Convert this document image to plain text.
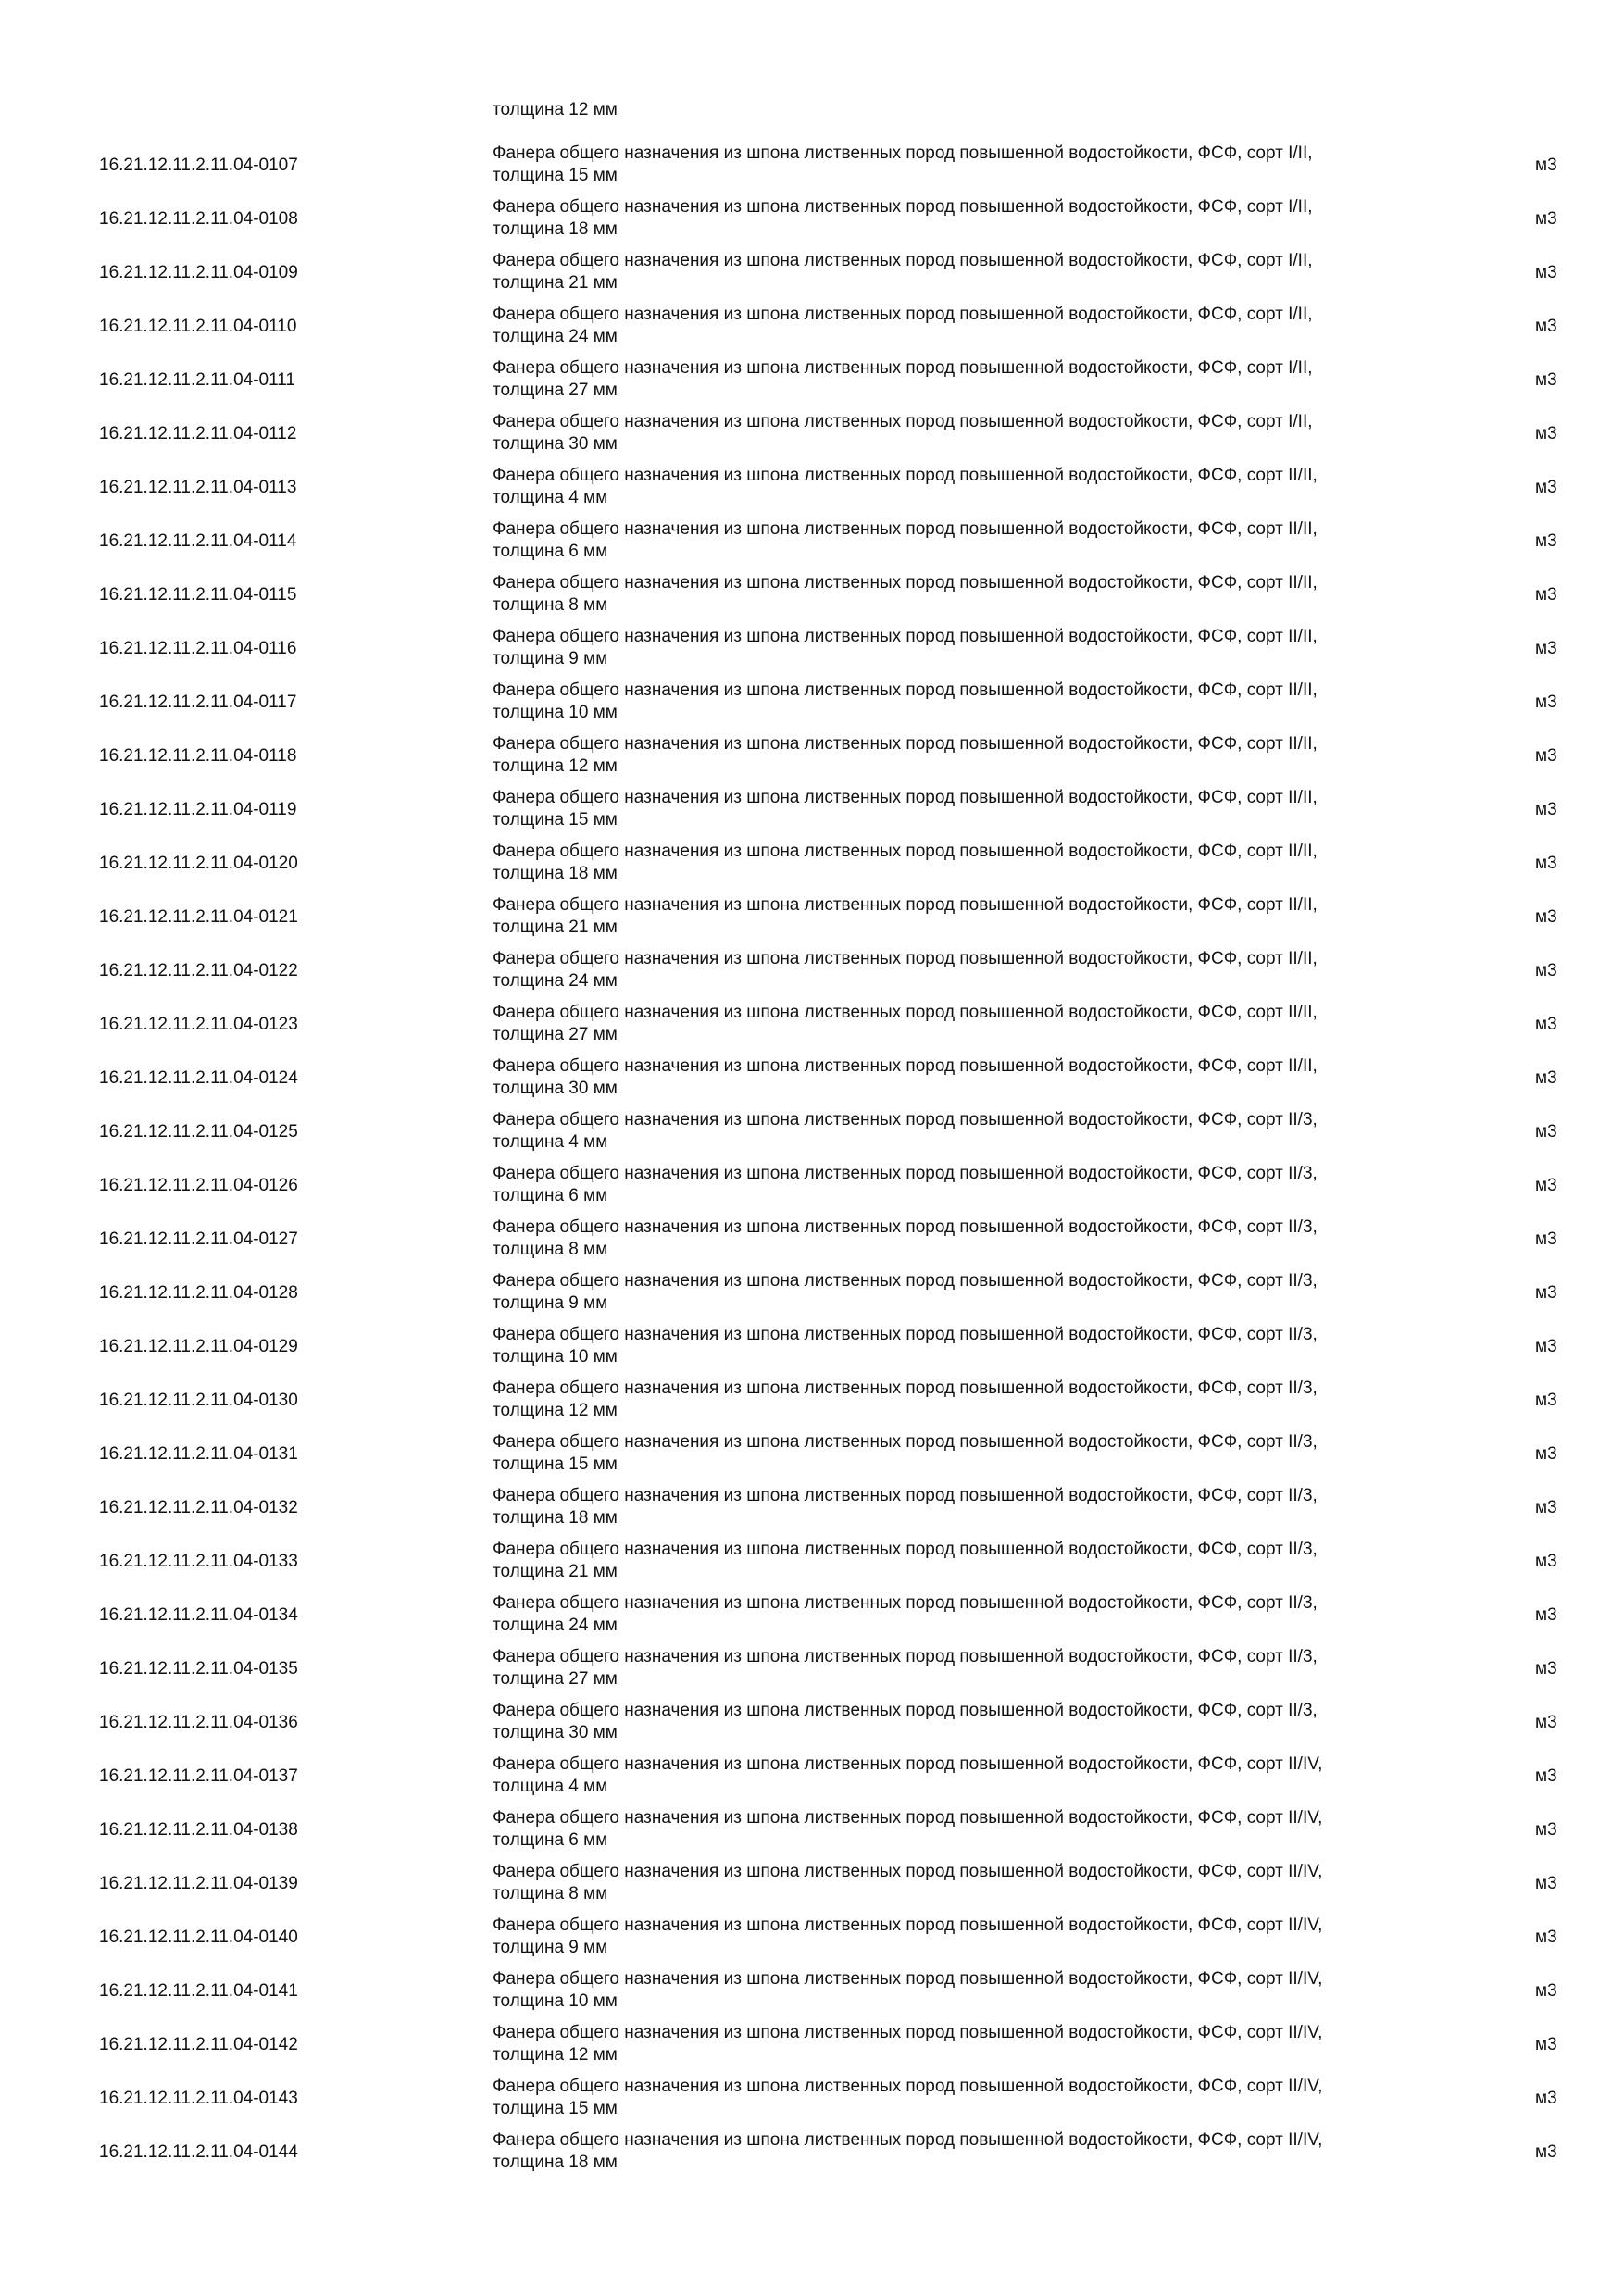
толщина 12 мм
16.21.12.11.2.11.04-0107
Фанера общего назначения из шпона лиственных пород повышенной водостойкости, ФСФ, сорт I/II,
толщина 15 мм
м3
16.21.12.11.2.11.04-0108
Фанера общего назначения из шпона лиственных пород повышенной водостойкости, ФСФ, сорт I/II,
толщина 18 мм
м3
16.21.12.11.2.11.04-0109
Фанера общего назначения из шпона лиственных пород повышенной водостойкости, ФСФ, сорт I/II,
толщина 21 мм
м3
16.21.12.11.2.11.04-0110
Фанера общего назначения из шпона лиственных пород повышенной водостойкости, ФСФ, сорт I/II,
толщина 24 мм
м3
16.21.12.11.2.11.04-0111
Фанера общего назначения из шпона лиственных пород повышенной водостойкости, ФСФ, сорт I/II,
толщина 27 мм
м3
16.21.12.11.2.11.04-0112
Фанера общего назначения из шпона лиственных пород повышенной водостойкости, ФСФ, сорт I/II,
толщина 30 мм
м3
16.21.12.11.2.11.04-0113
Фанера общего назначения из шпона лиственных пород повышенной водостойкости, ФСФ, сорт II/II,
толщина 4 мм
м3
16.21.12.11.2.11.04-0114
Фанера общего назначения из шпона лиственных пород повышенной водостойкости, ФСФ, сорт II/II,
толщина 6 мм
м3
16.21.12.11.2.11.04-0115
Фанера общего назначения из шпона лиственных пород повышенной водостойкости, ФСФ, сорт II/II,
толщина 8 мм
м3
16.21.12.11.2.11.04-0116
Фанера общего назначения из шпона лиственных пород повышенной водостойкости, ФСФ, сорт II/II,
толщина 9 мм
м3
16.21.12.11.2.11.04-0117
Фанера общего назначения из шпона лиственных пород повышенной водостойкости, ФСФ, сорт II/II,
толщина 10 мм
м3
16.21.12.11.2.11.04-0118
Фанера общего назначения из шпона лиственных пород повышенной водостойкости, ФСФ, сорт II/II,
толщина 12 мм
м3
16.21.12.11.2.11.04-0119
Фанера общего назначения из шпона лиственных пород повышенной водостойкости, ФСФ, сорт II/II,
толщина 15 мм
м3
16.21.12.11.2.11.04-0120
Фанера общего назначения из шпона лиственных пород повышенной водостойкости, ФСФ, сорт II/II,
толщина 18 мм
м3
16.21.12.11.2.11.04-0121
Фанера общего назначения из шпона лиственных пород повышенной водостойкости, ФСФ, сорт II/II,
толщина 21 мм
м3
16.21.12.11.2.11.04-0122
Фанера общего назначения из шпона лиственных пород повышенной водостойкости, ФСФ, сорт II/II,
толщина 24 мм
м3
16.21.12.11.2.11.04-0123
Фанера общего назначения из шпона лиственных пород повышенной водостойкости, ФСФ, сорт II/II,
толщина 27 мм
м3
16.21.12.11.2.11.04-0124
Фанера общего назначения из шпона лиственных пород повышенной водостойкости, ФСФ, сорт II/II,
толщина 30 мм
м3
16.21.12.11.2.11.04-0125
Фанера общего назначения из шпона лиственных пород повышенной водостойкости, ФСФ, сорт II/3,
толщина 4 мм
м3
16.21.12.11.2.11.04-0126
Фанера общего назначения из шпона лиственных пород повышенной водостойкости, ФСФ, сорт II/3,
толщина 6 мм
м3
16.21.12.11.2.11.04-0127
Фанера общего назначения из шпона лиственных пород повышенной водостойкости, ФСФ, сорт II/3,
толщина 8 мм
м3
16.21.12.11.2.11.04-0128
Фанера общего назначения из шпона лиственных пород повышенной водостойкости, ФСФ, сорт II/3,
толщина 9 мм
м3
16.21.12.11.2.11.04-0129
Фанера общего назначения из шпона лиственных пород повышенной водостойкости, ФСФ, сорт II/3,
толщина 10 мм
м3
16.21.12.11.2.11.04-0130
Фанера общего назначения из шпона лиственных пород повышенной водостойкости, ФСФ, сорт II/3,
толщина 12 мм
м3
16.21.12.11.2.11.04-0131
Фанера общего назначения из шпона лиственных пород повышенной водостойкости, ФСФ, сорт II/3,
толщина 15 мм
м3
16.21.12.11.2.11.04-0132
Фанера общего назначения из шпона лиственных пород повышенной водостойкости, ФСФ, сорт II/3,
толщина 18 мм
м3
16.21.12.11.2.11.04-0133
Фанера общего назначения из шпона лиственных пород повышенной водостойкости, ФСФ, сорт II/3,
толщина 21 мм
м3
16.21.12.11.2.11.04-0134
Фанера общего назначения из шпона лиственных пород повышенной водостойкости, ФСФ, сорт II/3,
толщина 24 мм
м3
16.21.12.11.2.11.04-0135
Фанера общего назначения из шпона лиственных пород повышенной водостойкости, ФСФ, сорт II/3,
толщина 27 мм
м3
16.21.12.11.2.11.04-0136
Фанера общего назначения из шпона лиственных пород повышенной водостойкости, ФСФ, сорт II/3,
толщина 30 мм
м3
16.21.12.11.2.11.04-0137
Фанера общего назначения из шпона лиственных пород повышенной водостойкости, ФСФ, сорт II/IV,
толщина 4 мм
м3
16.21.12.11.2.11.04-0138
Фанера общего назначения из шпона лиственных пород повышенной водостойкости, ФСФ, сорт II/IV,
толщина 6 мм
м3
16.21.12.11.2.11.04-0139
Фанера общего назначения из шпона лиственных пород повышенной водостойкости, ФСФ, сорт II/IV,
толщина 8 мм
м3
16.21.12.11.2.11.04-0140
Фанера общего назначения из шпона лиственных пород повышенной водостойкости, ФСФ, сорт II/IV,
толщина 9 мм
м3
16.21.12.11.2.11.04-0141
Фанера общего назначения из шпона лиственных пород повышенной водостойкости, ФСФ, сорт II/IV,
толщина 10 мм
м3
16.21.12.11.2.11.04-0142
Фанера общего назначения из шпона лиственных пород повышенной водостойкости, ФСФ, сорт II/IV,
толщина 12 мм
м3
16.21.12.11.2.11.04-0143
Фанера общего назначения из шпона лиственных пород повышенной водостойкости, ФСФ, сорт II/IV,
толщина 15 мм
м3
16.21.12.11.2.11.04-0144
Фанера общего назначения из шпона лиственных пород повышенной водостойкости, ФСФ, сорт II/IV,
толщина 18 мм
м3
